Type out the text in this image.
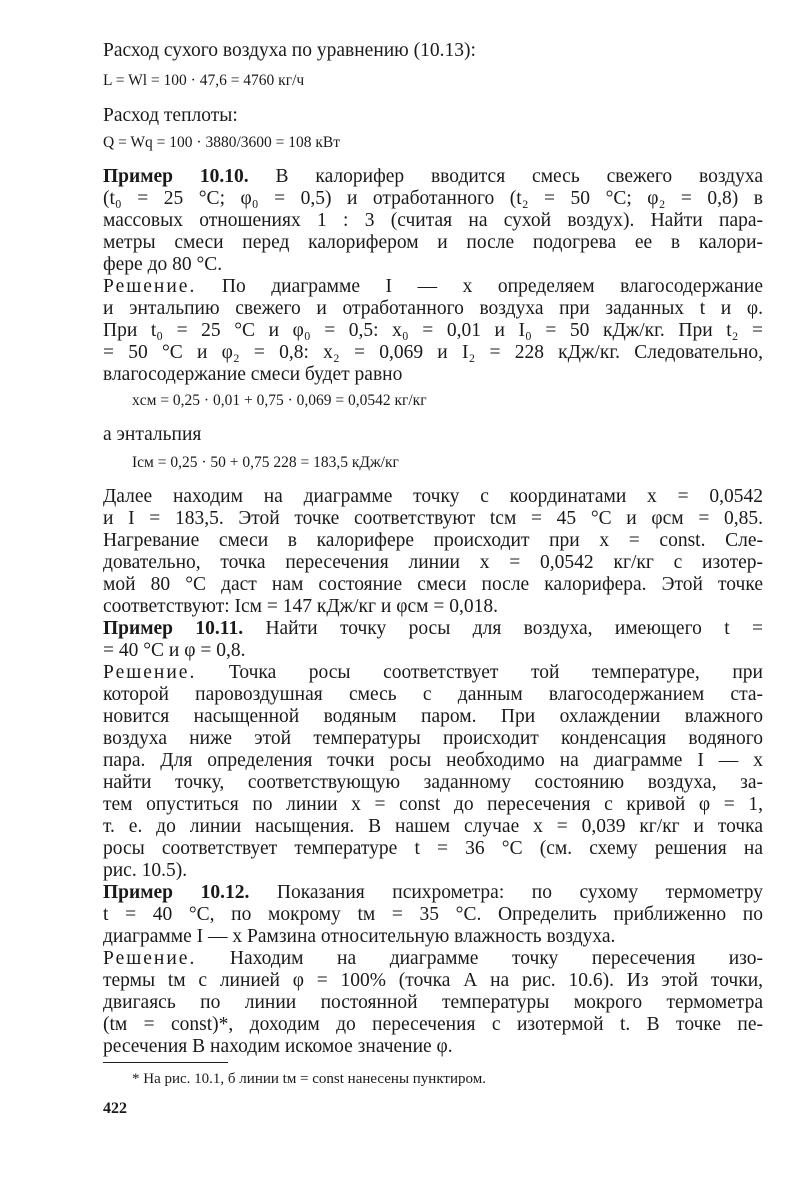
Расход сухого воздуха по уравнению (10.13):
L = Wl = 100 · 47,6 = 4760 кг/ч
Расход теплоты:
Q = Wq = 100 · 3880/3600 = 108 кВт
Пример 10.10. В калорифер вводится смесь свежего воздуха
(t₀ = 25 °С; φ₀ = 0,5) и отработанного (t₂ = 50 °С; φ₂ = 0,8) в
массовых отношениях 1 : 3 (считая на сухой воздух). Найти пара-
метры смеси перед калорифером и после подогрева ее в калори-
фере до 80 °С.
Решение. По диаграмме I — x определяем влагосодержание
и энтальпию свежего и отработанного воздуха при заданных t и φ.
При t₀ = 25 °С и φ₀ = 0,5: x₀ = 0,01 и I₀ = 50 кДж/кг. При t₂ =
= 50 °С и φ₂ = 0,8: x₂ = 0,069 и I₂ = 228 кДж/кг. Следовательно,
влагосодержание смеси будет равно
xсм = 0,25 · 0,01 + 0,75 · 0,069 = 0,0542 кг/кг
а энтальпия
Iсм = 0,25 · 50 + 0,75 228 = 183,5 кДж/кг
Далее находим на диаграмме точку с координатами x = 0,0542
и I = 183,5. Этой точке соответствуют tсм = 45 °С и φсм = 0,85.
Нагревание смеси в калорифере происходит при x = const. Сле-
довательно, точка пересечения линии x = 0,0542 кг/кг с изотер-
мой 80 °С даст нам состояние смеси после калорифера. Этой точке
соответствуют: Iсм = 147 кДж/кг и φсм = 0,018.
Пример 10.11. Найти точку росы для воздуха, имеющего t =
= 40 °С и φ = 0,8.
Решение. Точка росы соответствует той температуре, при
которой паровоздушная смесь с данным влагосодержанием ста-
новится насыщенной водяным паром. При охлаждении влажного
воздуха ниже этой температуры происходит конденсация водяного
пара. Для определения точки росы необходимо на диаграмме I — x
найти точку, соответствующую заданному состоянию воздуха, за-
тем опуститься по линии x = const до пересечения с кривой φ = 1,
т. е. до линии насыщения. В нашем случае x = 0,039 кг/кг и точка
росы соответствует температуре t = 36 °С (см. схему решения на
рис. 10.5).
Пример 10.12. Показания психрометра: по сухому термометру
t = 40 °С, по мокрому tм = 35 °С. Определить приближенно по
диаграмме I — x Рамзина относительную влажность воздуха.
Решение. Находим на диаграмме точку пересечения изо-
термы tм с линией φ = 100% (точка А на рис. 10.6). Из этой точки,
двигаясь по линии постоянной температуры мокрого термометра
(tм = const)*, доходим до пересечения с изотермой t. В точке пе-
ресечения B находим искомое значение φ.
* На рис. 10.1, б линии tм = const нанесены пунктиром.
422
